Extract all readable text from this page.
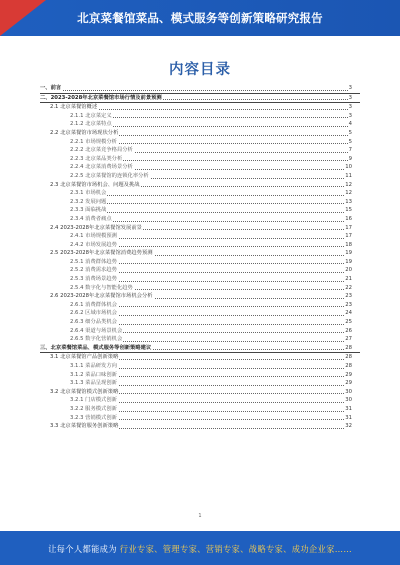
北京菜餐馆菜品、模式服务等创新策略研究报告
内容目录
一、前言	3
二、2023-2028年北京菜餐馆市场行情及前景预测	3
2.1 北京菜餐馆概述	3
2.1.1 北京菜定义	3
2.1.2 北京菜特点	4
2.2 北京菜餐馆市场现状分析	5
2.2.1 市场规模分析	5
2.2.2 北京菜竞争格局分析	7
2.2.3 北京菜品类分析	9
2.2.4 北京菜消费场景分析	10
2.2.5 北京菜餐馆的连锁化率分析	11
2.3 北京菜餐馆市场机会、问题及挑战	12
2.3.1 市场机会	12
2.3.2 发展问题	13
2.3.3 面临挑战	15
2.3.4 消费者痛点	16
2.4 2023-2028年北京菜餐馆发展前景	17
2.4.1 市场规模预测	17
2.4.2 市场发展趋势	18
2.5 2023-2028年北京菜餐馆消费趋势预测	19
2.5.1 消费群体趋势	19
2.5.2 消费需求趋势	20
2.5.3 消费场景趋势	21
2.5.4 数字化与智能化趋势	22
2.6 2023-2028年北京菜餐馆市场机会分析	23
2.6.1 消费群体机会	23
2.6.2 区域市场机会	24
2.6.3 细分品类机会	25
2.6.4 渠道与场景机会	26
2.6.5 数字化营销机会	27
三、北京菜餐馆菜品、模式服务等创新策略建议	28
3.1 北京菜餐馆产品创新策略	28
3.1.1 菜品研发方向	28
3.1.2 菜品口味创新	29
3.1.3 菜品呈现创新	29
3.2 北京菜餐馆模式创新策略	30
3.2.1 门店模式创新	30
3.2.2 服务模式创新	31
3.2.3 营销模式创新	31
3.3 北京菜餐馆服务创新策略	32
1
让每个人都能成为 行业专家、管理专家、营销专家、战略专家、成功企业家……
